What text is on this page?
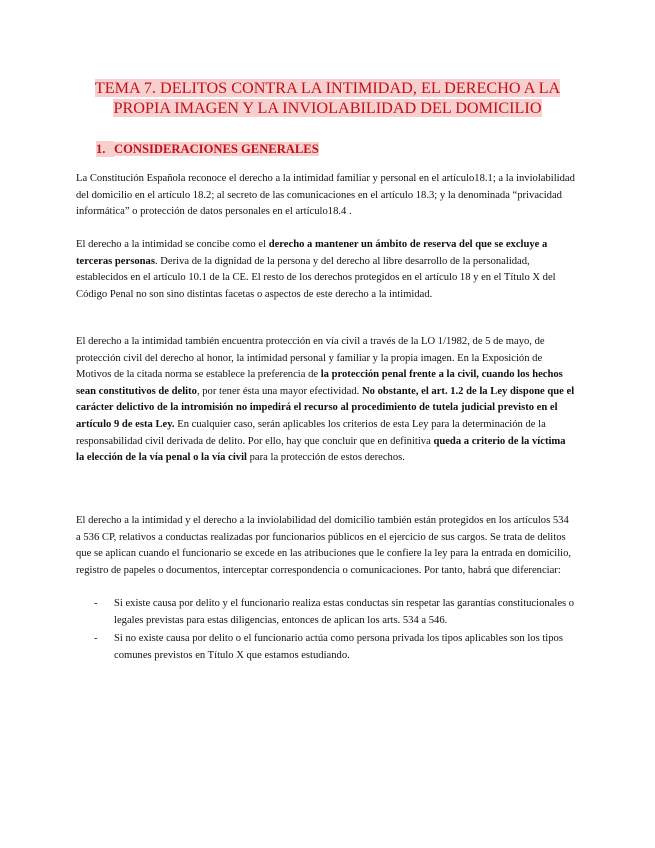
TEMA 7. DELITOS CONTRA LA INTIMIDAD, EL DERECHO A LA PROPIA IMAGEN Y LA INVIOLABILIDAD DEL DOMICILIO
1. CONSIDERACIONES GENERALES

La Constitución Española reconoce el derecho a la intimidad familiar y personal en el artículo18.1; a la inviolabilidad del domicilio en el artículo 18.2; al secreto de las comunicaciones en el artículo 18.3; y la denominada “privacidad informática” o protección de datos personales en el artículo18.4 .

El derecho a la intimidad se concibe como el derecho a mantener un ámbito de reserva del que se excluye a terceras personas. Deriva de la dignidad de la persona y del derecho al libre desarrollo de la personalidad, establecidos en el artículo 10.1 de la CE. El resto de los derechos protegidos en el artículo 18 y en el Título X del Código Penal no son sino distintas facetas o aspectos de este derecho a la intimidad.

El derecho a la intimidad también encuentra protección en vía civil a través de la LO 1/1982, de 5 de mayo, de protección civil del derecho al honor, la intimidad personal y familiar y la propia imagen. En la Exposición de Motivos de la citada norma se establece la preferencia de la protección penal frente a la civil, cuando los hechos sean constitutivos de delito, por tener ésta una mayor efectividad. No obstante, el art. 1.2 de la Ley dispone que el carácter delictivo de la intromisión no impedirá el recurso al procedimiento de tutela judicial previsto en el artículo 9 de esta Ley. En cualquier caso, serán aplicables los criterios de esta Ley para la determinación de la responsabilidad civil derivada de delito. Por ello, hay que concluir que en definitiva queda a criterio de la víctima la elección de la vía penal o la vía civil para la protección de estos derechos.

El derecho a la intimidad y el derecho a la inviolabilidad del domicilio también están protegidos en los artículos 534 a 536 CP, relativos a conductas realizadas por funcionarios públicos en el ejercicio de sus cargos. Se trata de delitos que se aplican cuando el funcionario se excede en las atribuciones que le confiere la ley para la entrada en domicilio, registro de papeles o documentos, interceptar correspondencia o comunicaciones. Por tanto, habrá que diferenciar:

- Si existe causa por delito y el funcionario realiza estas conductas sin respetar las garantías constitucionales o legales previstas para estas diligencias, entonces de aplican los arts. 534 a 546.
- Si no existe causa por delito o el funcionario actúa como persona privada los tipos aplicables son los tipos comunes previstos en Título X que estamos estudiando.
